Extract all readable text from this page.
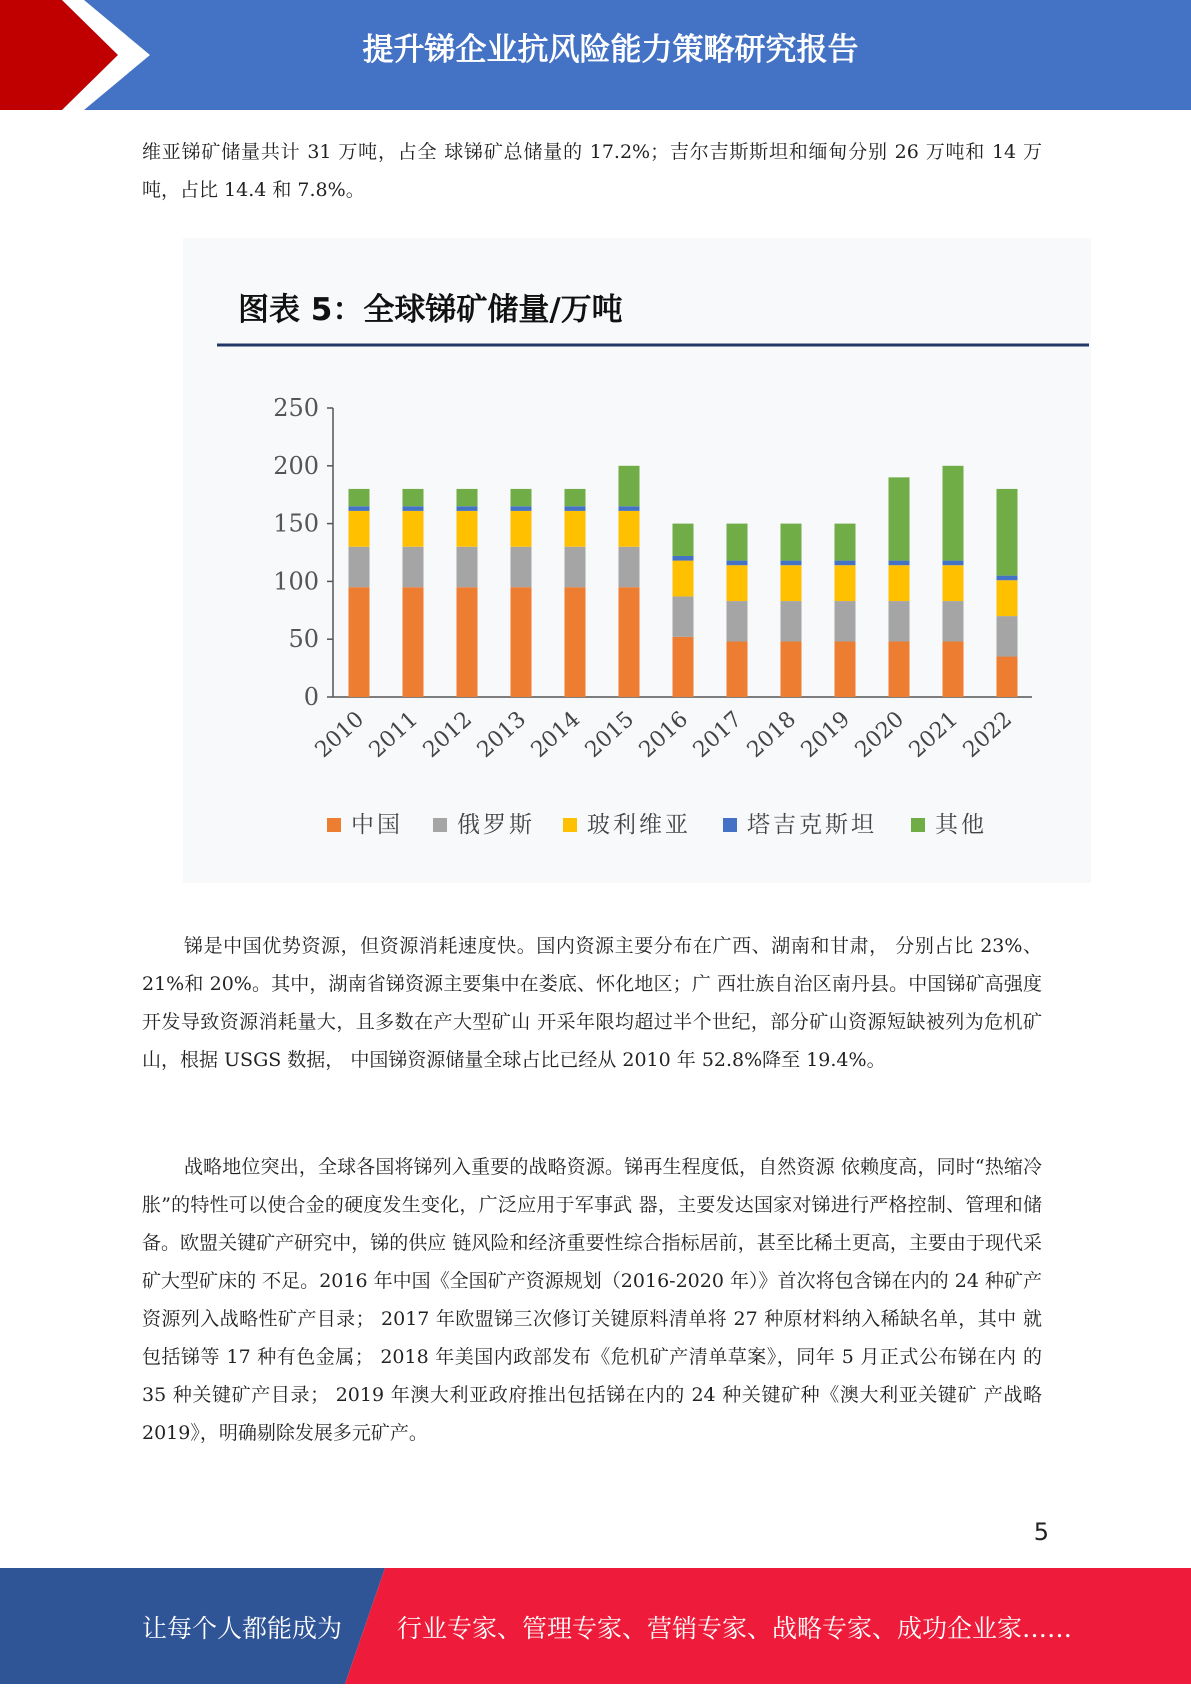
提升锑企业抗风险能力策略研究报告
维亚锑矿储量共计 31 万吨，占全 球锑矿总储量的 17.2%；吉尔吉斯斯坦和缅甸分别 26 万吨和 14 万吨，占比 14.4 和 7.8%。
图表 5：全球锑矿储量/万吨
0
50
100
150
200
250
2010
2011
2012
2013
2014
2015
2016
2017
2018
2019
2020
2021
2022
中国 俄罗斯 玻利维亚 塔吉克斯坦	其他
锑是中国优势资源，但资源消耗速度快。国内资源主要分布在广西、湖南和甘肃， 分别占比 23%、21%和 20%。其中，湖南省锑资源主要集中在娄底、怀化地区；广 西壮族自治区南丹县。中国锑矿高强度开发导致资源消耗量大，且多数在产大型矿山 开采年限均超过半个世纪，部分矿山资源短缺被列为危机矿山，根据 USGS 数据， 中国锑资源储量全球占比已经从 2010 年 52.8%降至 19.4%。
战略地位突出，全球各国将锑列入重要的战略资源。锑再生程度低，自然资源 依赖度高，同时“热缩冷胀”的特性可以使合金的硬度发生变化，广泛应用于军事武 器，主要发达国家对锑进行严格控制、管理和储备。欧盟关键矿产研究中，锑的供应 链风险和经济重要性综合指标居前，甚至比稀土更高，主要由于现代采矿大型矿床的 不足。2016 年中国《全国矿产资源规划（2016-2020 年）》首次将包含锑在内的 24 种矿产资源列入战略性矿产目录； 2017 年欧盟锑三次修订关键原料清单将 27 种原材料纳入稀缺名单，其中 就包括锑等 17 种有色金属； 2018 年美国内政部发布《危机矿产清单草案》，同年 5 月正式公布锑在内 的 35 种关键矿产目录； 2019 年澳大利亚政府推出包括锑在内的 24 种关键矿种《澳大利亚关键矿 产战略 2019》，明确剔除发展多元矿产。
5
让每个人都能成为 行业专家、管理专家、营销专家、战略专家、成功企业家……
